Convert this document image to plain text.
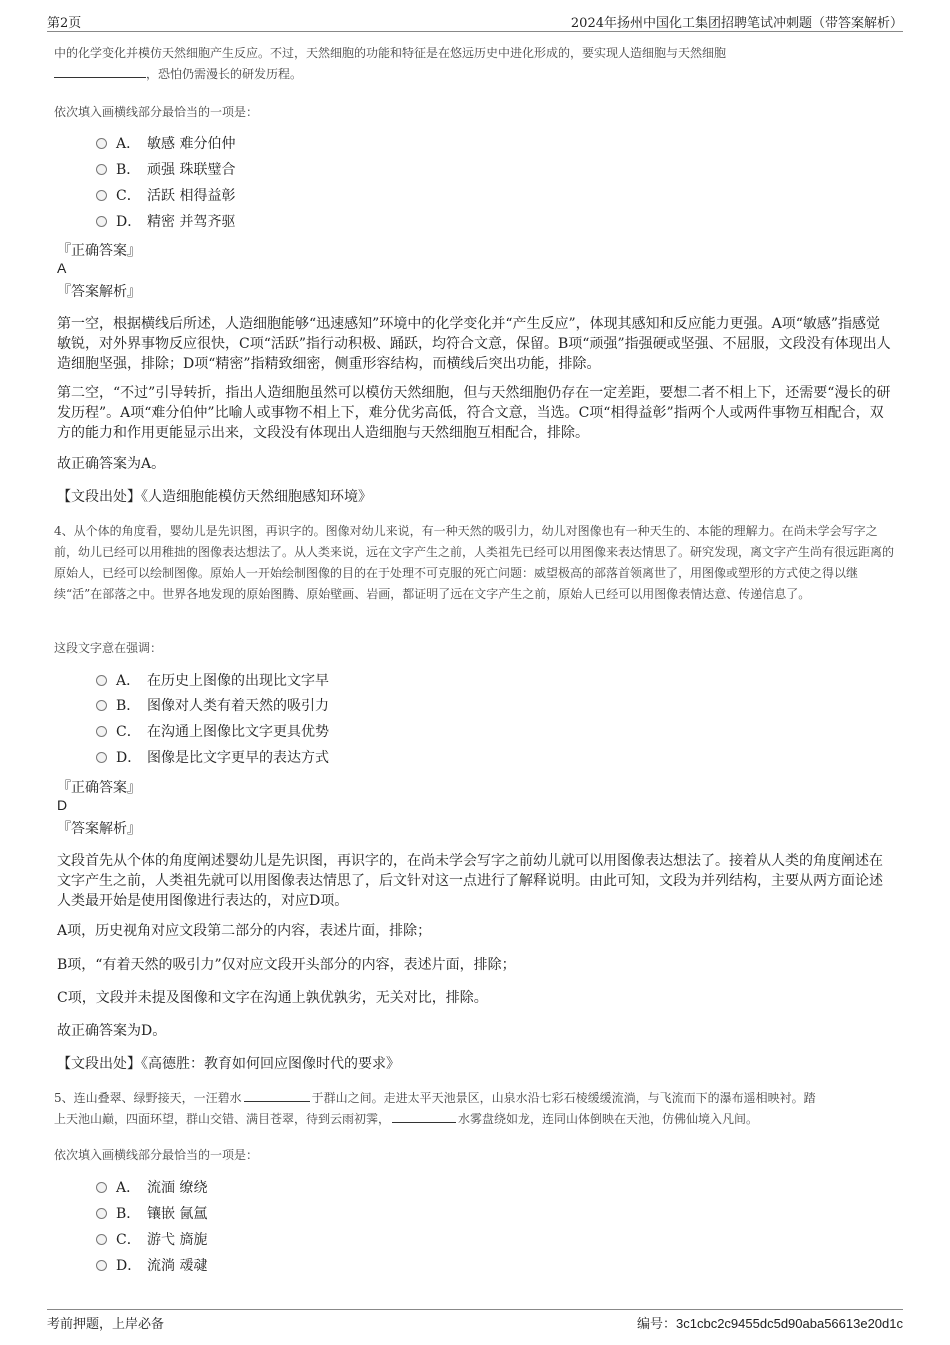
第2页	2024年扬州中国化工集团招聘笔试冲刺题（带答案解析）
中的化学变化并模仿天然细胞产生反应。不过，天然细胞的功能和特征是在悠远历史中进化形成的，要实现人造细胞与天然细胞
，恐怕仍需漫长的研发历程。
依次填入画横线部分最恰当的一项是：
A． 敏感 难分伯仲
B． 顽强 珠联璧合
C． 活跃 相得益彰
D． 精密 并驾齐驱
『正确答案』
A
『答案解析』
第一空，根据横线后所述，人造细胞能够“迅速感知”环境中的化学变化并“产生反应”，体现其感知和反应能力更强。A项“敏感”指感觉敏锐，对外界事物反应很快，C项“活跃”指行动积极、踊跃，均符合文意，保留。B项“顽强”指强硬或坚强、不屈服，文段没有体现出人造细胞坚强，排除；D项“精密”指精致细密，侧重形容结构，而横线后突出功能，排除。
第二空，“不过”引导转折，指出人造细胞虽然可以模仿天然细胞，但与天然细胞仍存在一定差距，要想二者不相上下，还需要“漫长的研发历程”。A项“难分伯仲”比喻人或事物不相上下，难分优劣高低，符合文意，当选。C项“相得益彰”指两个人或两件事物互相配合，双方的能力和作用更能显示出来，文段没有体现出人造细胞与天然细胞互相配合，排除。
故正确答案为A。
【文段出处】《人造细胞能模仿天然细胞感知环境》
4、从个体的角度看，婴幼儿是先识图，再识字的。图像对幼儿来说，有一种天然的吸引力，幼儿对图像也有一种天生的、本能的理解力。在尚未学会写字之前，幼儿已经可以用稚拙的图像表达想法了。从人类来说，远在文字产生之前，人类祖先已经可以用图像来表达情思了。研究发现，离文字产生尚有很远距离的原始人，已经可以绘制图像。原始人一开始绘制图像的目的在于处理不可克服的死亡问题：威望极高的部落首领离世了，用图像或塑形的方式使之得以继续“活”在部落之中。世界各地发现的原始图腾、原始壁画、岩画，都证明了远在文字产生之前，原始人已经可以用图像表情达意、传递信息了。
这段文字意在强调：
A． 在历史上图像的出现比文字早
B． 图像对人类有着天然的吸引力
C． 在沟通上图像比文字更具优势
D． 图像是比文字更早的表达方式
『正确答案』
D
『答案解析』
文段首先从个体的角度阐述婴幼儿是先识图，再识字的，在尚未学会写字之前幼儿就可以用图像表达想法了。接着从人类的角度阐述在文字产生之前，人类祖先就可以用图像表达情思了，后文针对这一点进行了解释说明。由此可知，文段为并列结构，主要从两方面论述人类最开始是使用图像进行表达的，对应D项。
A项，历史视角对应文段第二部分的内容，表述片面，排除；
B项，“有着天然的吸引力”仅对应文段开头部分的内容，表述片面，排除；
C项，文段并未提及图像和文字在沟通上孰优孰劣，无关对比，排除。
故正确答案为D。
【文段出处】《高德胜：教育如何回应图像时代的要求》
5、连山叠翠、绿野接天，一汪碧水	于群山之间。走进太平天池景区，山泉水沿七彩石棱缓缓流淌，与飞流而下的瀑布遥相映衬。踏
上天池山巅，四面环望，群山交错、满目苍翠，待到云雨初霁，	水雾盘绕如龙，连同山体倒映在天池，仿佛仙境入凡间。
依次填入画横线部分最恰当的一项是：
A． 流湎 缭绕
B． 镶嵌 氤氲
C． 游弋 旖旎
D． 流淌 叆叇
考前押题，上岸必备	编号：3c1cbc2c9455dc5d90aba56613e20d1c
